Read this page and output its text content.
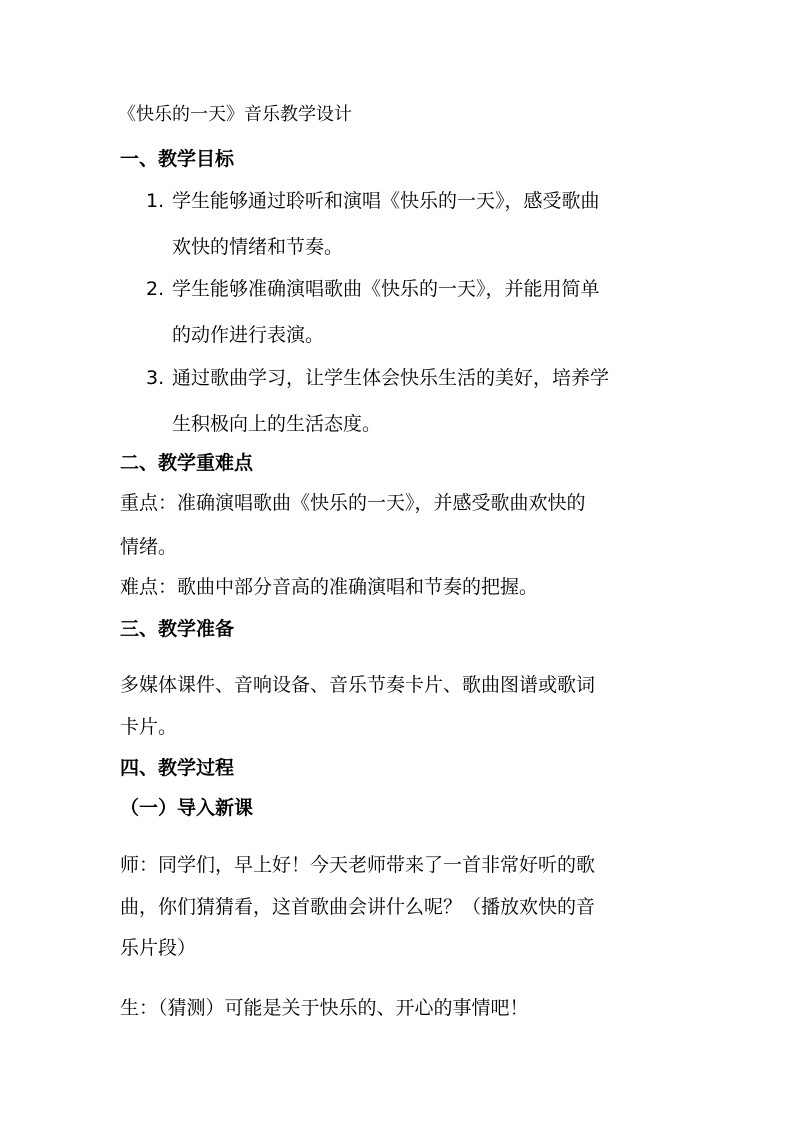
《快乐的一天》音乐教学设计

一、教学目标

1. 学生能够通过聆听和演唱《快乐的一天》，感受歌曲
欢快的情绪和节奏。
2. 学生能够准确演唱歌曲《快乐的一天》，并能用简单
的动作进行表演。
3. 通过歌曲学习，让学生体会快乐生活的美好，培养学
生积极向上的生活态度。

二、教学重难点

重点：准确演唱歌曲《快乐的一天》，并感受歌曲欢快的

情绪。

难点：歌曲中部分音高的准确演唱和节奏的把握。

三、教学准备

多媒体课件、音响设备、音乐节奏卡片、歌曲图谱或歌词

卡片。

四、教学过程

（一）导入新课

师：同学们，早上好！今天老师带来了一首非常好听的歌

曲，你们猜猜看，这首歌曲会讲什么呢？（播放欢快的音

乐片段）

生：（猜测）可能是关于快乐的、开心的事情吧！
